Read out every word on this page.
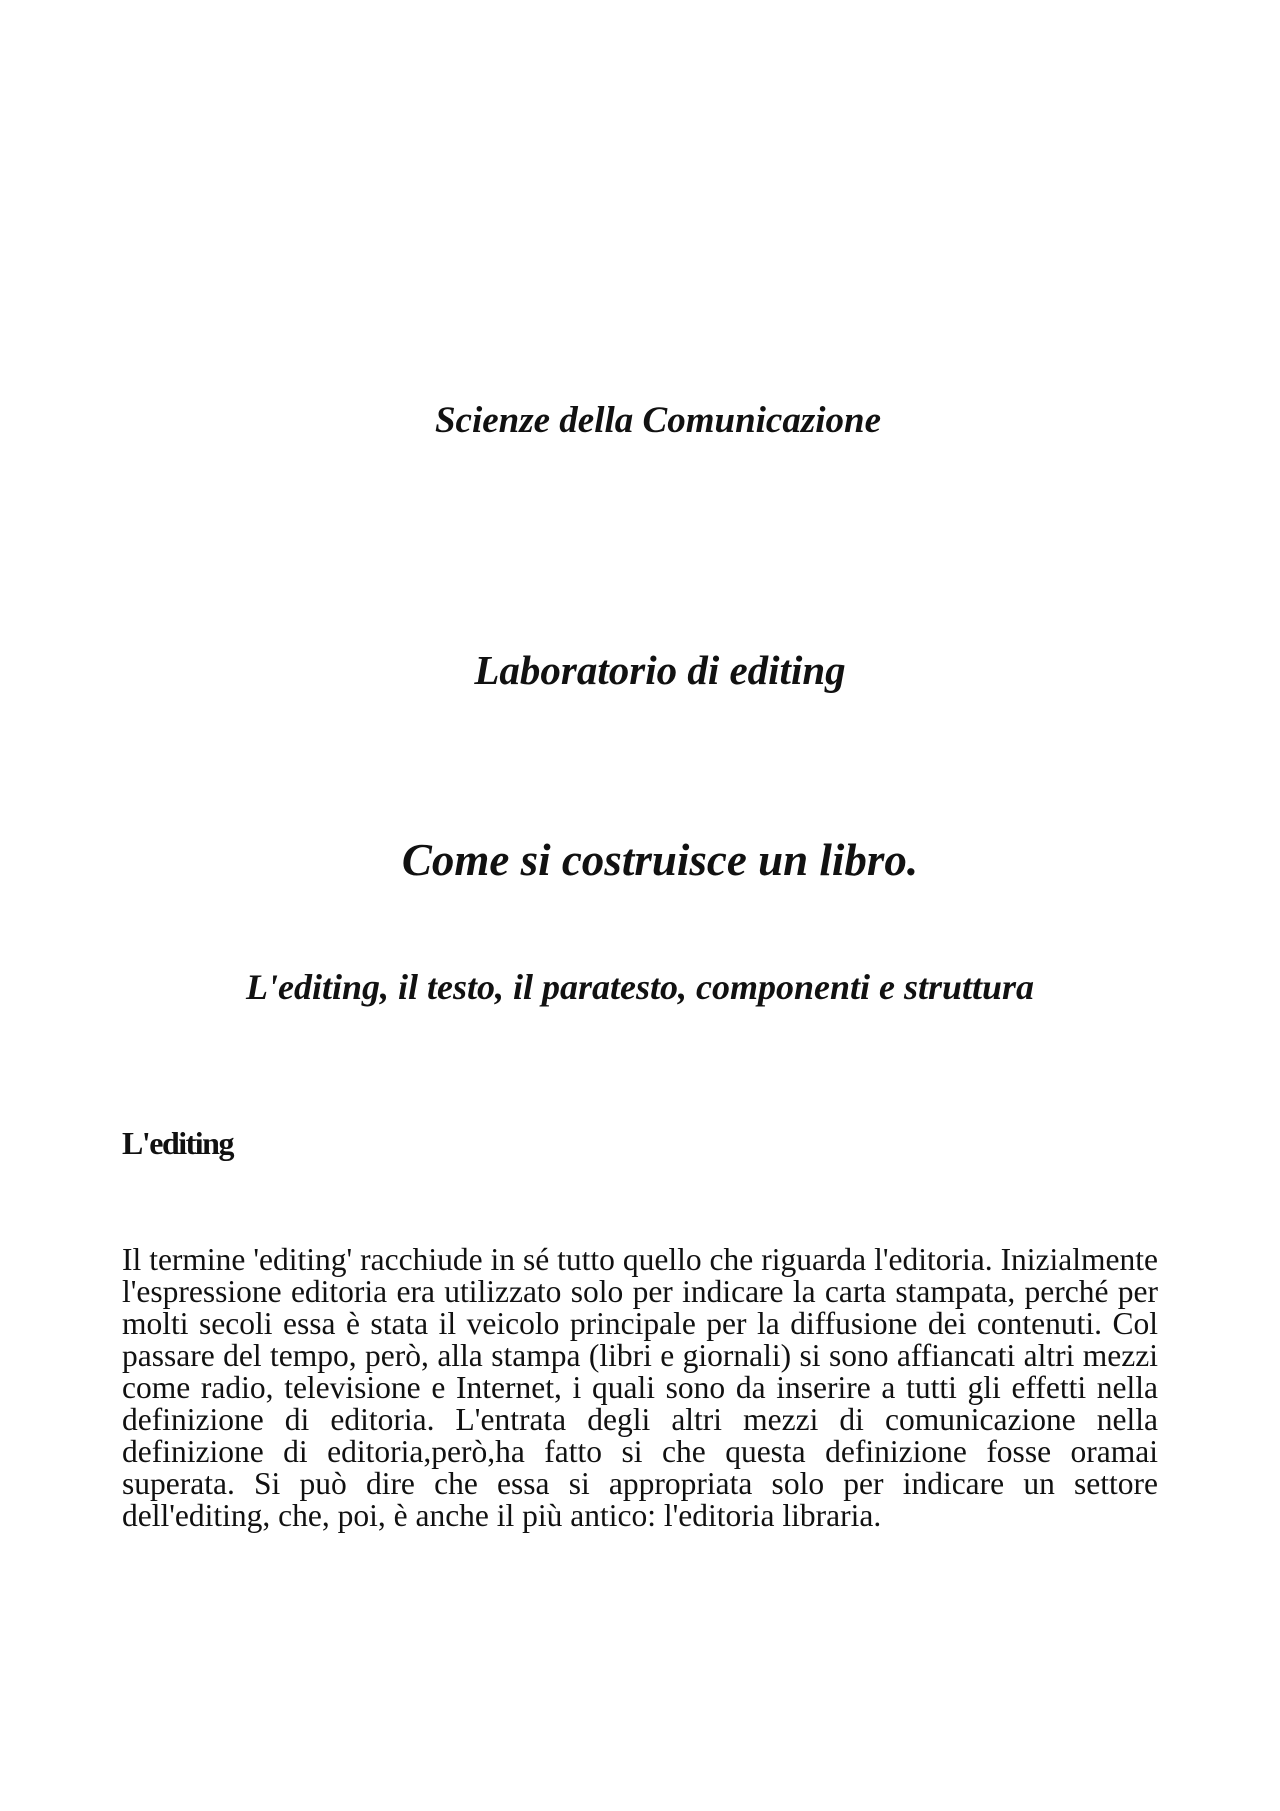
Scienze della Comunicazione
Laboratorio di editing
Come si costruisce un libro.
L'editing, il testo, il paratesto, componenti e struttura
L'editing

Il termine 'editing' racchiude in sé tutto quello che riguarda l'editoria. Inizialmente l'espressione editoria era utilizzato solo per indicare la carta stampata, perché per molti secoli essa è stata il veicolo principale per la diffusione dei contenuti. Col passare del tempo, però, alla stampa (libri e giornali) si sono affiancati altri mezzi come radio, televisione e Internet, i quali sono da inserire a tutti gli effetti nella definizione di editoria. L'entrata degli altri mezzi di comunicazione nella definizione di editoria,però,ha fatto si che questa definizione fosse oramai superata. Si può dire che essa si appropriata solo per indicare un settore dell'editing, che, poi, è anche il più antico: l'editoria libraria.
